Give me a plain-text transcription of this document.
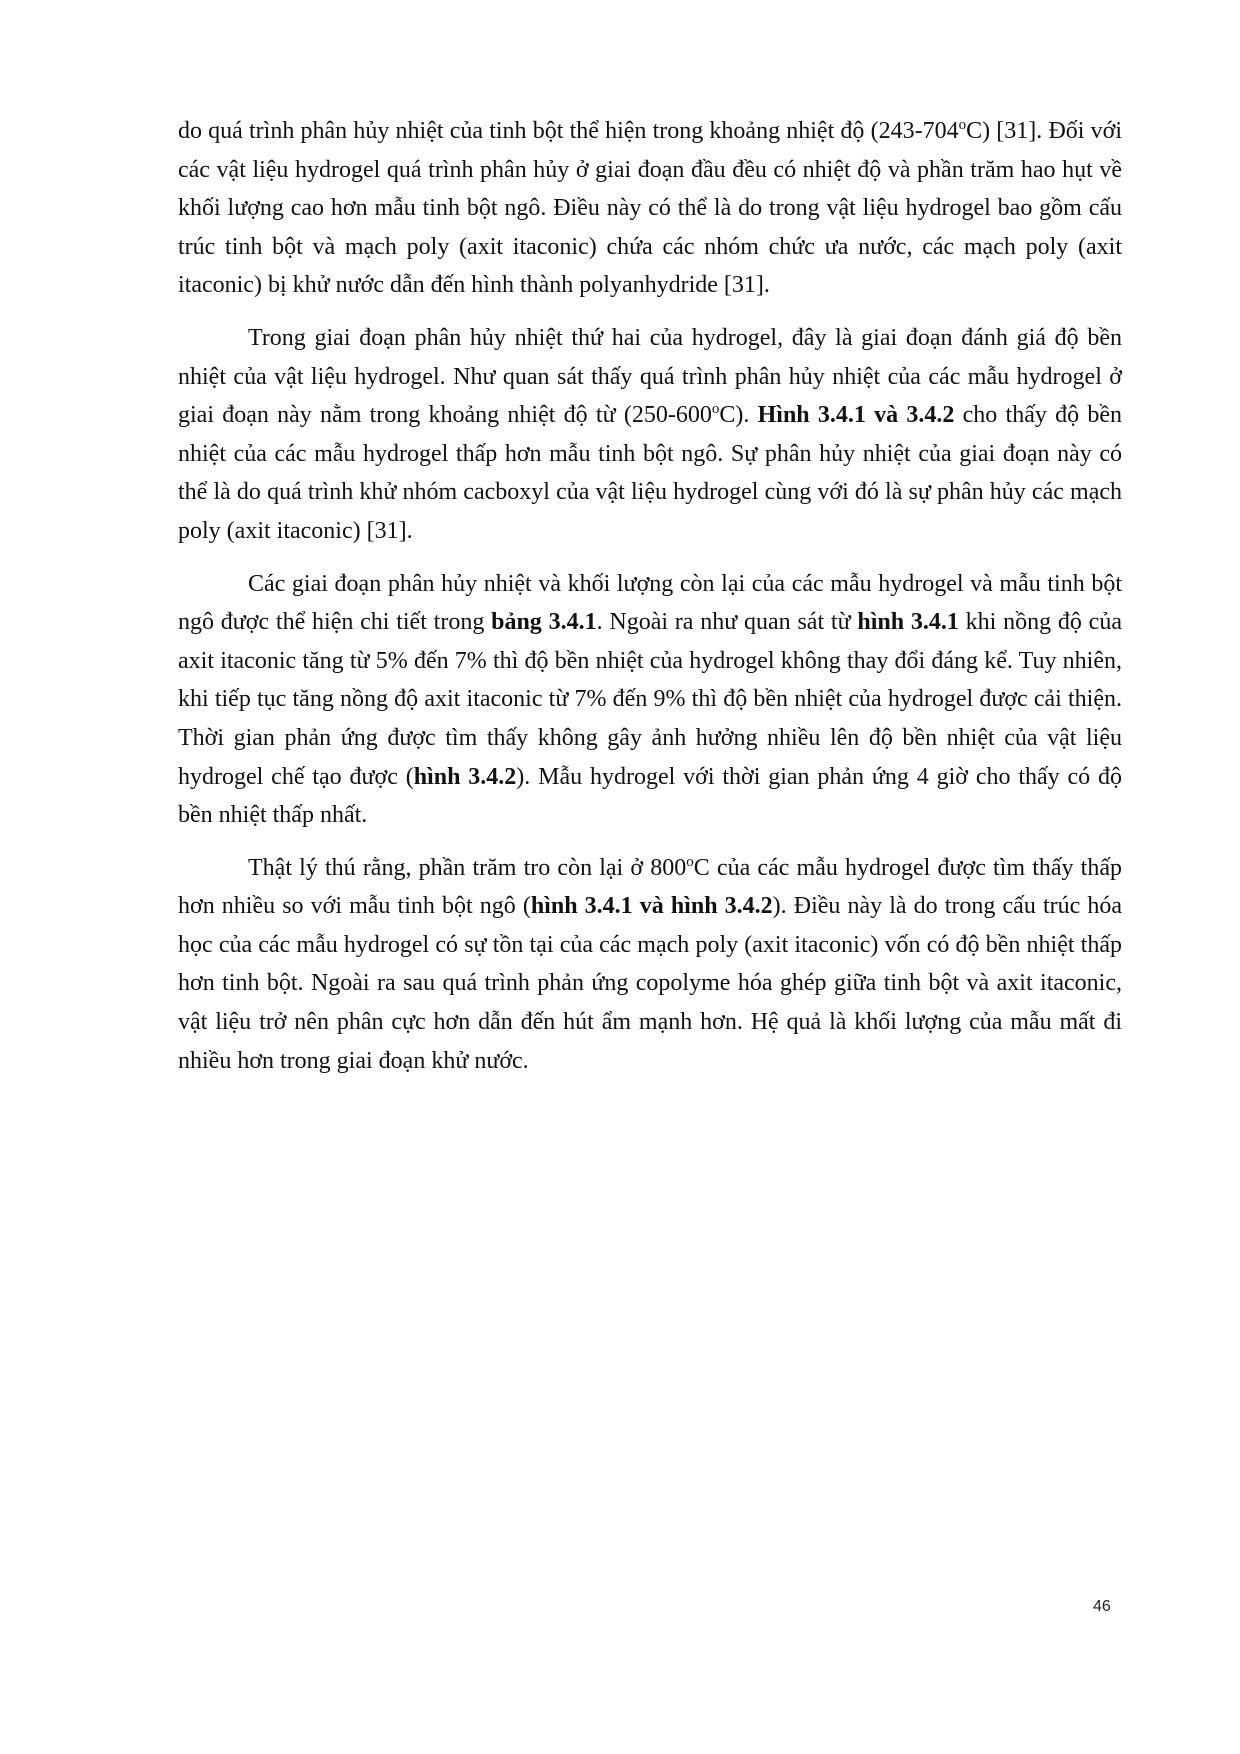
do quá trình phân hủy nhiệt của tinh bột thể hiện trong khoảng nhiệt độ (243-704$^o$C) [31]. Đối với các vật liệu hydrogel quá trình phân hủy ở giai đoạn đầu đều có nhiệt độ và phần trăm hao hụt về khối lượng cao hơn mẫu tinh bột ngô. Điều này có thể là do trong vật liệu hydrogel bao gồm cấu trúc tinh bột và mạch poly (axit itaconic) chứa các nhóm chức ưa nước, các mạch poly (axit itaconic) bị khử nước dẫn đến hình thành polyanhydride [31].

Trong giai đoạn phân hủy nhiệt thứ hai của hydrogel, đây là giai đoạn đánh giá độ bền nhiệt của vật liệu hydrogel. Như quan sát thấy quá trình phân hủy nhiệt của các mẫu hydrogel ở giai đoạn này nằm trong khoảng nhiệt độ từ (250-600$^o$C). Hình 3.4.1 và 3.4.2 cho thấy độ bền nhiệt của các mẫu hydrogel thấp hơn mẫu tinh bột ngô. Sự phân hủy nhiệt của giai đoạn này có thể là do quá trình khử nhóm cacboxyl của vật liệu hydrogel cùng với đó là sự phân hủy các mạch poly (axit itaconic) [31].

Các giai đoạn phân hủy nhiệt và khối lượng còn lại của các mẫu hydrogel và mẫu tinh bột ngô được thể hiện chi tiết trong bảng 3.4.1. Ngoài ra như quan sát từ hình 3.4.1 khi nồng độ của axit itaconic tăng từ 5% đến 7% thì độ bền nhiệt của hydrogel không thay đổi đáng kể. Tuy nhiên, khi tiếp tục tăng nồng độ axit itaconic từ 7% đến 9% thì độ bền nhiệt của hydrogel được cải thiện. Thời gian phản ứng được tìm thấy không gây ảnh hưởng nhiều lên độ bền nhiệt của vật liệu hydrogel chế tạo được (hình 3.4.2). Mẫu hydrogel với thời gian phản ứng 4 giờ cho thấy có độ bền nhiệt thấp nhất.

Thật lý thú rằng, phần trăm tro còn lại ở 800$^o$C của các mẫu hydrogel được tìm thấy thấp hơn nhiều so với mẫu tinh bột ngô (hình 3.4.1 và hình 3.4.2). Điều này là do trong cấu trúc hóa học của các mẫu hydrogel có sự tồn tại của các mạch poly (axit itaconic) vốn có độ bền nhiệt thấp hơn tinh bột. Ngoài ra sau quá trình phản ứng copolyme hóa ghép giữa tinh bột và axit itaconic, vật liệu trở nên phân cực hơn dẫn đến hút ẩm mạnh hơn. Hệ quả là khối lượng của mẫu mất đi nhiều hơn trong giai đoạn khử nước.

46
